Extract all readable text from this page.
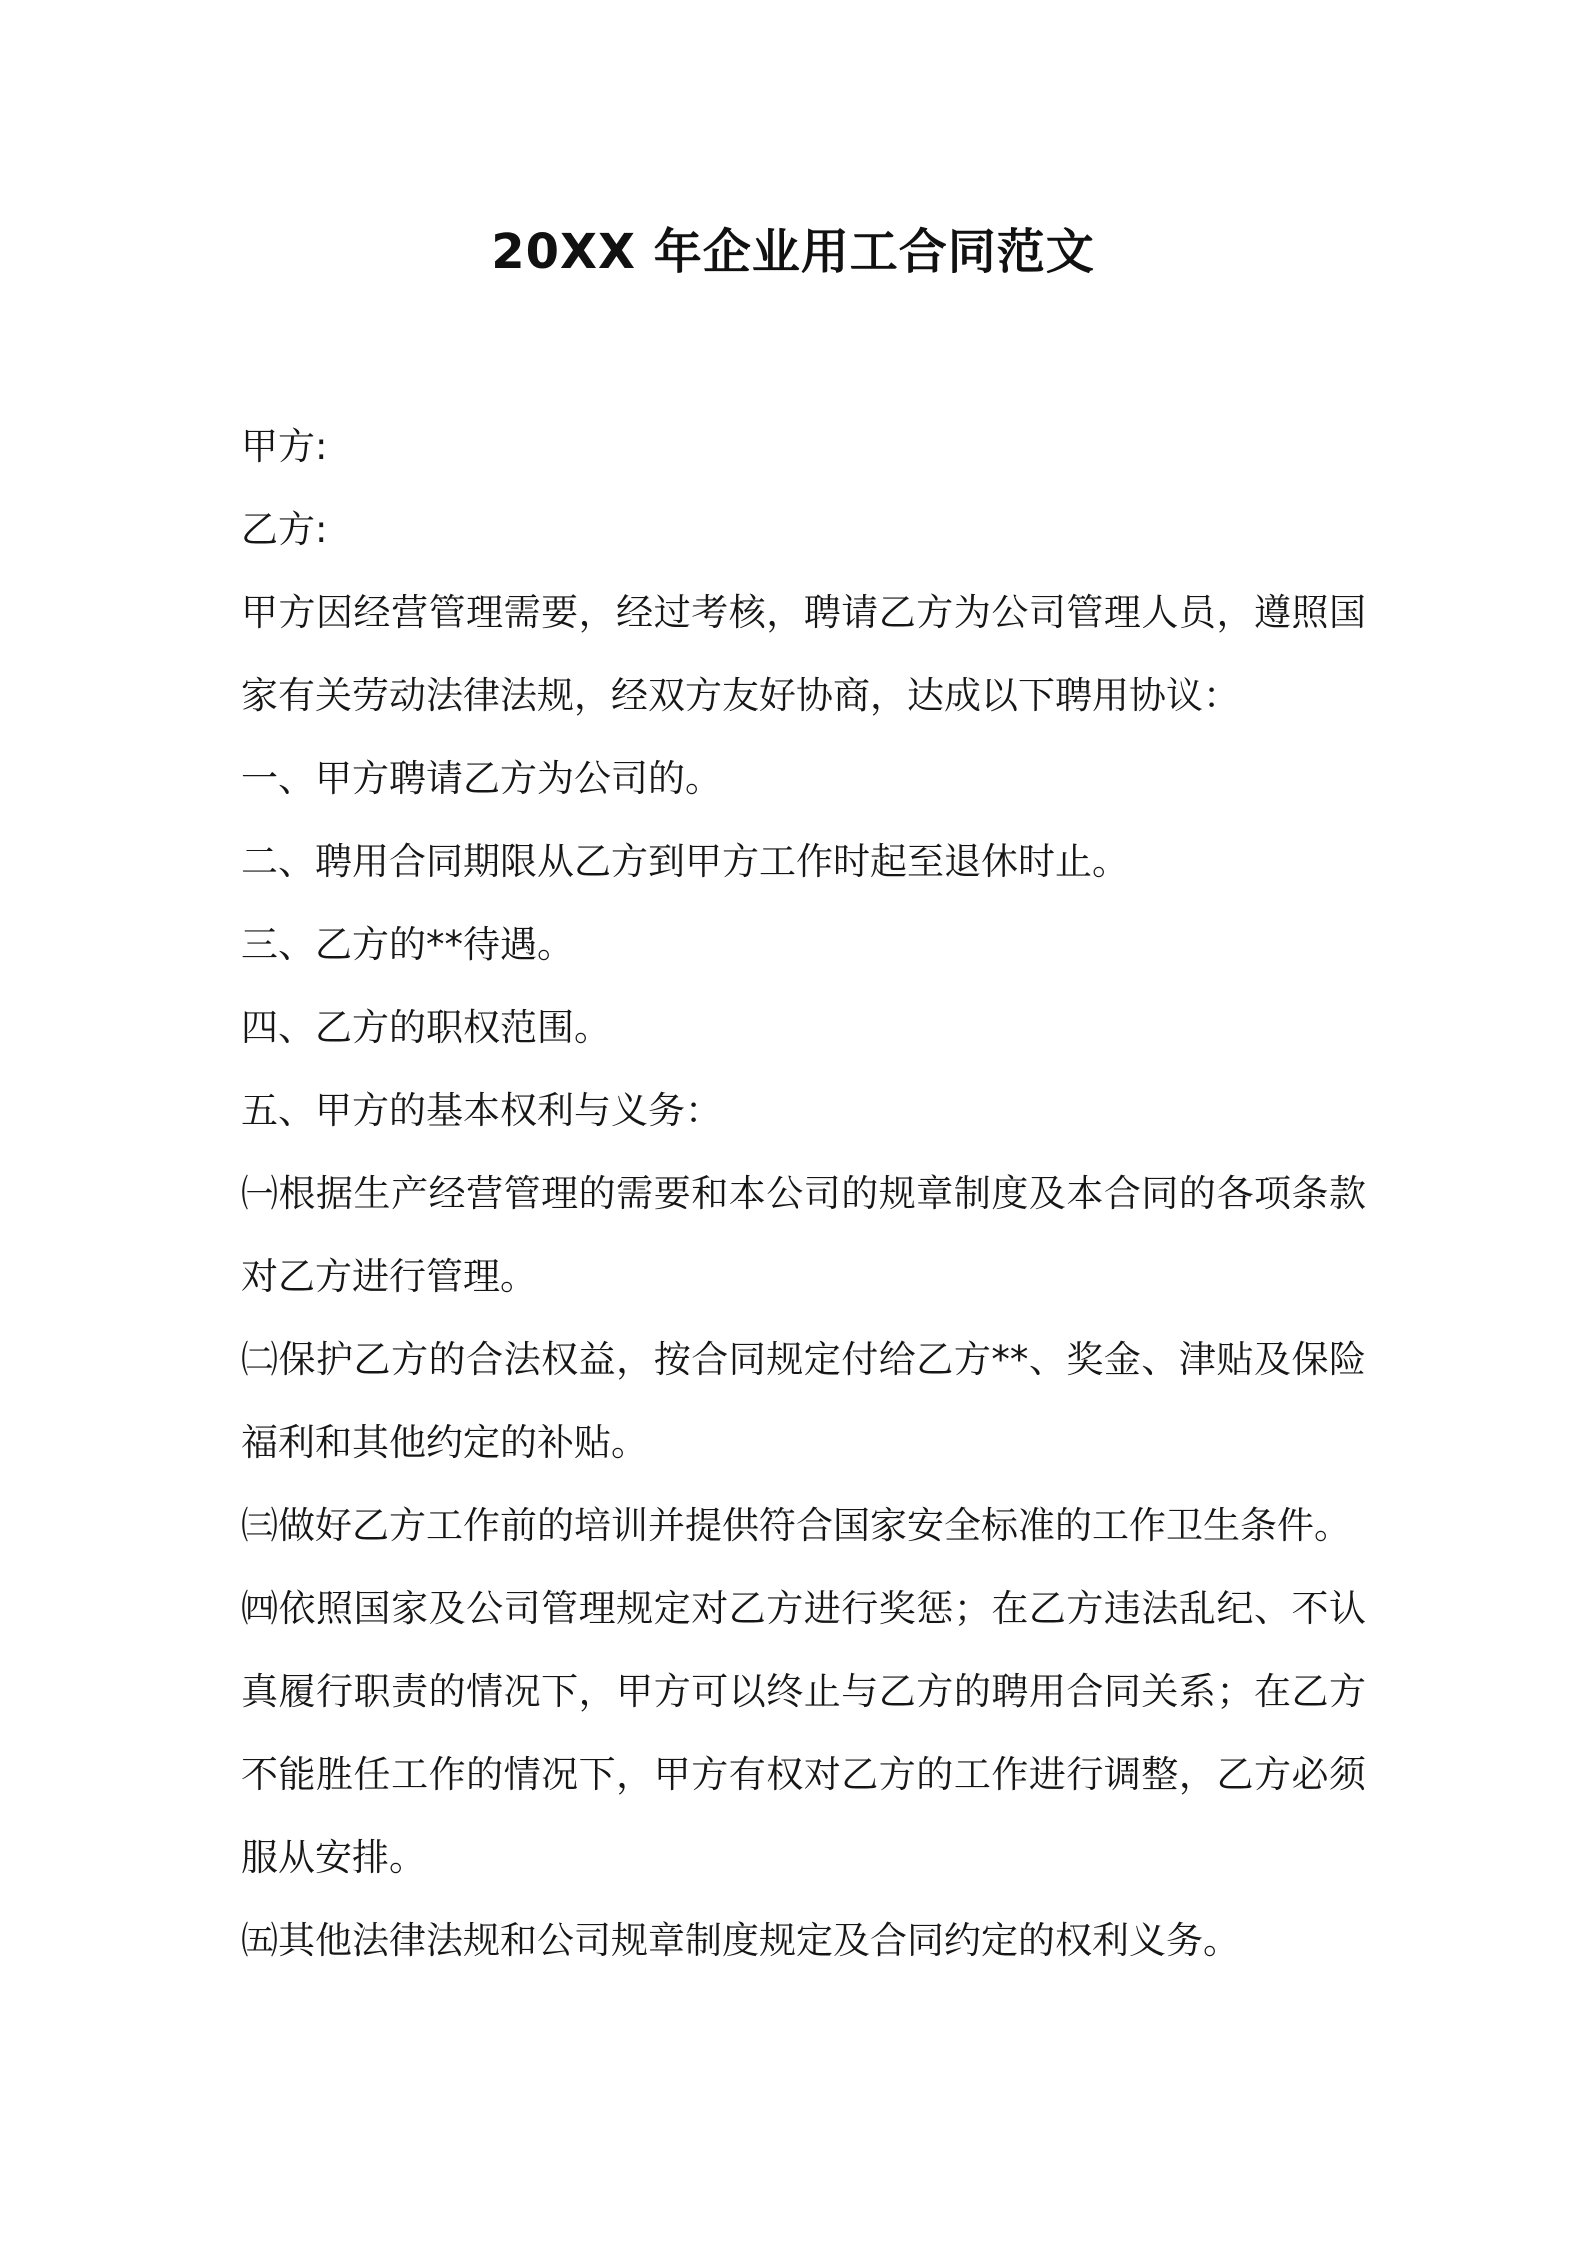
20XX 年企业用工合同范文

甲方:

乙方:

甲方因经营管理需要，经过考核，聘请乙方为公司管理人员，遵照国家有关劳动法律法规，经双方友好协商，达成以下聘用协议：

一、甲方聘请乙方为公司的。

二、聘用合同期限从乙方到甲方工作时起至退休时止。

三、乙方的**待遇。

四、乙方的职权范围。

五、甲方的基本权利与义务：

㈠根据生产经营管理的需要和本公司的规章制度及本合同的各项条款对乙方进行管理。

㈡保护乙方的合法权益，按合同规定付给乙方**、奖金、津贴及保险福利和其他约定的补贴。

㈢做好乙方工作前的培训并提供符合国家安全标准的工作卫生条件。

㈣依照国家及公司管理规定对乙方进行奖惩；在乙方违法乱纪、不认真履行职责的情况下，甲方可以终止与乙方的聘用合同关系；在乙方不能胜任工作的情况下，甲方有权对乙方的工作进行调整，乙方必须服从安排。

㈤其他法律法规和公司规章制度规定及合同约定的权利义务。
